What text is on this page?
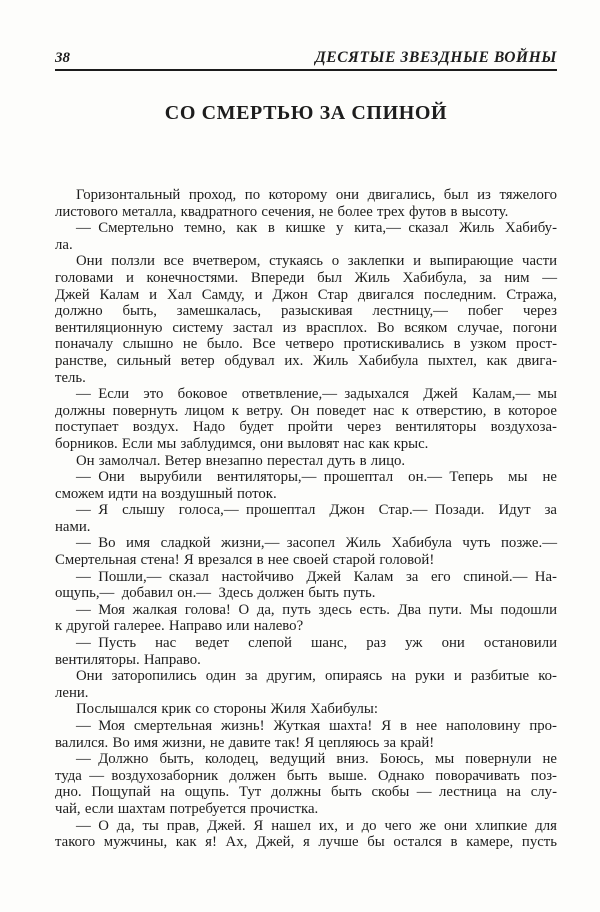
38	ДЕСЯТЫЕ ЗВЕЗДНЫЕ ВОЙНЫ
СО СМЕРТЬЮ ЗА СПИНОЙ
Горизонтальный проход, по которому они двигались, был из тяжелого
листового металла, квадратного сечения, не более трех футов в высоту.
— Смертельно темно, как в кишке у кита,— сказал Жиль Хабибу-
ла.
Они ползли все вчетвером, стукаясь о заклепки и выпирающие части
головами и конечностями. Впереди был Жиль Хабибула, за ним —
Джей Калам и Хал Самду, и Джон Стар двигался последним. Стража,
должно быть, замешкалась, разыскивая лестницу,— побег через
вентиляционную систему застал из врасплох. Во всяком случае, погони
поначалу слышно не было. Все четверо протискивались в узком прост-
ранстве, сильный ветер обдувал их. Жиль Хабибула пыхтел, как двига-
тель.
— Если это боковое ответвление,— задыхался Джей Калам,— мы
должны повернуть лицом к ветру. Он поведет нас к отверстию, в которое
поступает воздух. Надо будет пройти через вентиляторы воздухоза-
борников. Если мы заблудимся, они выловят нас как крыс.
Он замолчал. Ветер внезапно перестал дуть в лицо.
— Они вырубили вентиляторы,— прошептал он.— Теперь мы не
сможем идти на воздушный поток.
— Я слышу голоса,— прошептал Джон Стар.— Позади. Идут за
нами.
— Во имя сладкой жизни,— засопел Жиль Хабибула чуть позже.—
Смертельная стена! Я врезался в нее своей старой головой!
— Пошли,— сказал настойчиво Джей Калам за его спиной.— На-
ощупь,— добавил он.— Здесь должен быть путь.
— Моя жалкая голова! О да, путь здесь есть. Два пути. Мы подошли
к другой галерее. Направо или налево?
— Пусть нас ведет слепой шанс, раз уж они остановили
вентиляторы. Направо.
Они заторопились один за другим, опираясь на руки и разбитые ко-
лени.
Послышался крик со стороны Жиля Хабибулы:
— Моя смертельная жизнь! Жуткая шахта! Я в нее наполовину про-
валился. Во имя жизни, не давите так! Я цепляюсь за край!
— Должно быть, колодец, ведущий вниз. Боюсь, мы повернули не
туда — воздухозаборник должен быть выше. Однако поворачивать поз-
дно. Пощупай на ощупь. Тут должны быть скобы — лестница на слу-
чай, если шахтам потребуется прочистка.
— О да, ты прав, Джей. Я нашел их, и до чего же они хлипкие для
такого мужчины, как я! Ах, Джей, я лучше бы остался в камере, пусть
